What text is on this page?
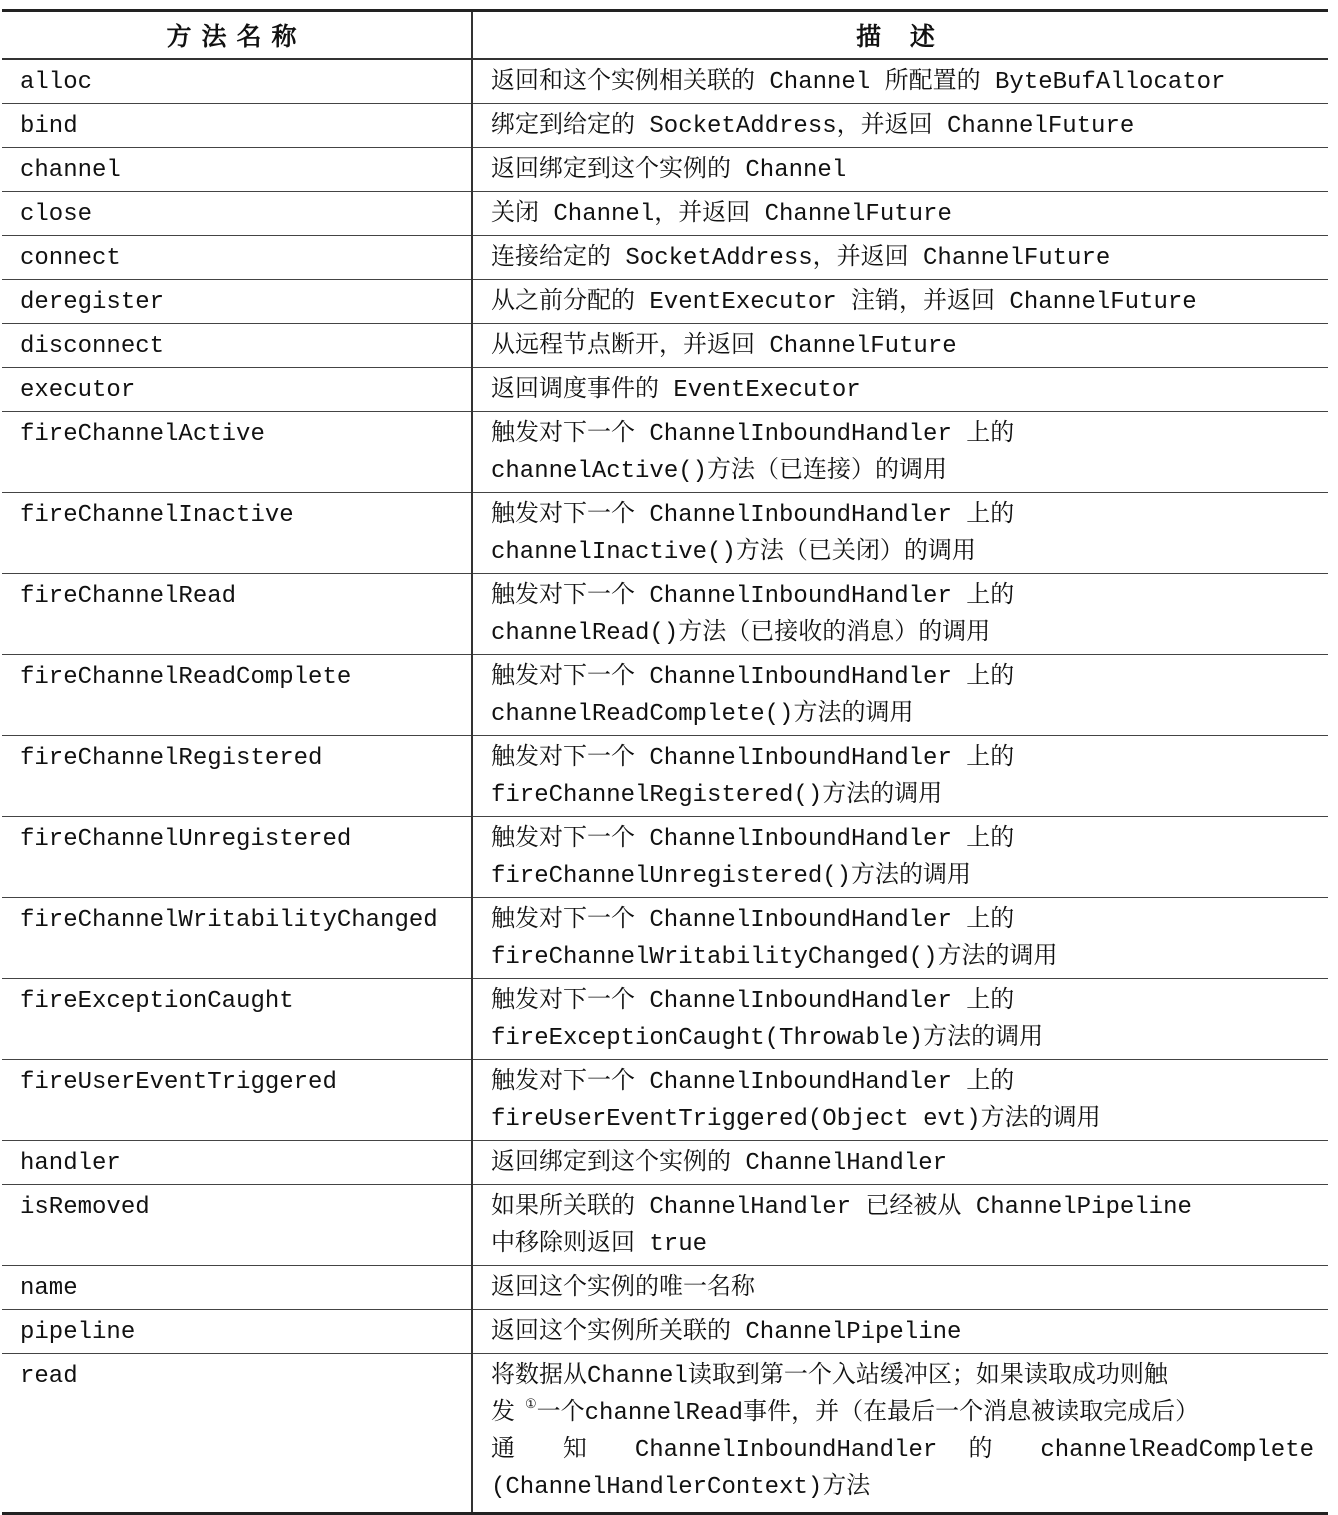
方法名称	描 述
alloc	返回和这个实例相关联的 Channel 所配置的 ByteBufAllocator

bind	绑定到给定的 SocketAddress，并返回 ChannelFuture

channel	返回绑定到这个实例的 Channel

close	关闭 Channel，并返回 ChannelFuture

connect	连接给定的 SocketAddress，并返回 ChannelFuture

deregister	从之前分配的 EventExecutor 注销，并返回 ChannelFuture

disconnect	从远程节点断开，并返回 ChannelFuture

executor	返回调度事件的 EventExecutor

fireChannelActive	触发对下一个 ChannelInboundHandler 上的
channelActive()方法（已连接）的调用

fireChannelInactive	触发对下一个 ChannelInboundHandler 上的
channelInactive()方法（已关闭）的调用

fireChannelRead	触发对下一个 ChannelInboundHandler 上的
channelRead()方法（已接收的消息）的调用

fireChannelReadComplete	触发对下一个 ChannelInboundHandler 上的
channelReadComplete()方法的调用

fireChannelRegistered	触发对下一个 ChannelInboundHandler 上的
fireChannelRegistered()方法的调用

fireChannelUnregistered	触发对下一个 ChannelInboundHandler 上的
fireChannelUnregistered()方法的调用

fireChannelWritabilityChanged	触发对下一个 ChannelInboundHandler 上的
fireChannelWritabilityChanged()方法的调用

fireExceptionCaught	触发对下一个 ChannelInboundHandler 上的
fireExceptionCaught(Throwable)方法的调用

fireUserEventTriggered	触发对下一个 ChannelInboundHandler 上的
fireUserEventTriggered(Object evt)方法的调用

handler	返回绑定到这个实例的 ChannelHandler

isRemoved	如果所关联的 ChannelHandler 已经被从 ChannelPipeline
中移除则返回 true

name	返回这个实例的唯一名称

pipeline	返回这个实例所关联的 ChannelPipeline

read	将数据从Channel读取到第一个入站缓冲区；如果读取成功则触
发 ①一个channelRead事件，并（在最后一个消息被读取完成后）
通 知 ChannelInboundHandler 的 channelReadComplete
(ChannelHandlerContext)方法
